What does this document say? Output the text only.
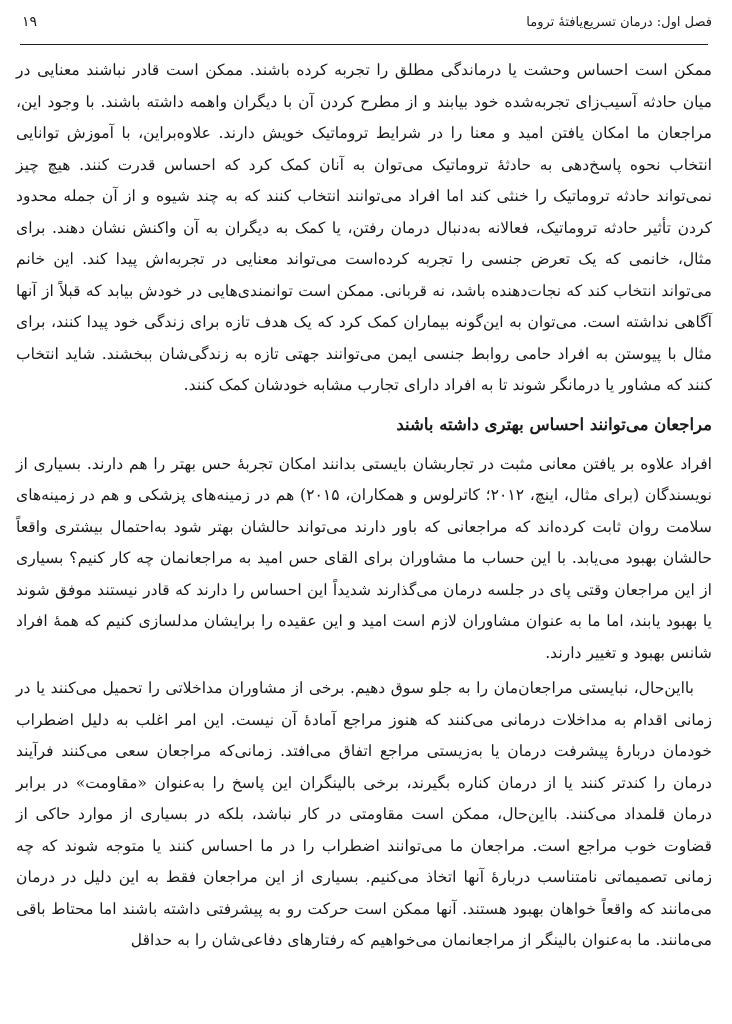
فصل اول: درمان تسریع‌یافتهٔ تروما
۱۹

ممکن است احساس وحشت یا درماندگی مطلق را تجربه کرده باشند. ممکن است قادر نباشند معنایی در میان حادثه آسیب‌زای تجربه‌شده خود بیابند و از مطرح کردن آن با دیگران واهمه داشته باشند. با وجود این، مراجعان ما امکان یافتن امید و معنا را در شرایط تروماتیک خویش دارند. علاوه‌براین، با آموزش توانایی انتخاب نحوه پاسخ‌دهی به حادثهٔ تروماتیک می‌توان به آنان کمک کرد که احساس قدرت کنند. هیچ چیز نمی‌تواند حادثه تروماتیک را خنثی کند اما افراد می‌توانند انتخاب کنند که به چند شیوه و از آن جمله محدود کردن تأثیر حادثه تروماتیک، فعالانه به‌دنبال درمان رفتن، یا کمک به دیگران به آن واکنش نشان دهند. برای مثال، خانمی که یک تعرض جنسی را تجربه کرده‌است می‌تواند معنایی در تجربه‌اش پیدا کند. این خانم می‌تواند انتخاب کند که نجات‌دهنده باشد، نه قربانی. ممکن است توانمندی‌هایی در خودش بیابد که قبلاً از آنها آگاهی نداشته است. می‌توان به این‌گونه بیماران کمک کرد که یک هدف تازه برای زندگی خود پیدا کنند، برای مثال با پیوستن به افراد حامی روابط جنسی ایمن می‌توانند جهتی تازه به زندگی‌شان ببخشند. شاید انتخاب کنند که مشاور یا درمانگر شوند تا به افراد دارای تجارب مشابه خودشان کمک کنند.

مراجعان می‌توانند احساس بهتری داشته باشند

افراد علاوه بر یافتن معانی مثبت در تجاربشان بایستی بدانند امکان تجربهٔ حس بهتر را هم دارند. بسیاری از نویسندگان (برای مثال، اینچ، ۲۰۱۲؛ کاترلوس و همکاران، ۲۰۱۵) هم در زمینه‌های پزشکی و هم در زمینه‌های سلامت روان ثابت کرده‌اند که مراجعانی که باور دارند می‌تواند حالشان بهتر شود به‌احتمال بیشتری واقعاً حالشان بهبود می‌یابد. با این حساب ما مشاوران برای القای حس امید به مراجعانمان چه کار کنیم؟ بسیاری از این مراجعان وقتی پای در جلسه درمان می‌گذارند شدیداً این احساس را دارند که قادر نیستند موفق شوند یا بهبود یابند، اما ما به عنوان مشاوران لازم است امید و این عقیده را برایشان مدلسازی کنیم که همهٔ افراد شانس بهبود و تغییر دارند.

بااین‌حال، نبایستی مراجعان‌مان را به جلو سوق دهیم. برخی از مشاوران مداخلاتی را تحمیل می‌کنند یا در زمانی اقدام به مداخلات درمانی می‌کنند که هنوز مراجع آمادهٔ آن نیست. این امر اغلب به دلیل اضطراب خودمان دربارهٔ پیشرفت درمان یا به‌زیستی مراجع اتفاق می‌افتد. زمانی‌که مراجعان سعی می‌کنند فرآیند درمان را کندتر کنند یا از درمان کناره بگیرند، برخی بالینگران این پاسخ را به‌عنوان «مقاومت» در برابر درمان قلمداد می‌کنند. بااین‌حال، ممکن است مقاومتی در کار نباشد، بلکه در بسیاری از موارد حاکی از قضاوت خوب مراجع است. مراجعان ما می‌توانند اضطراب را در ما احساس کنند یا متوجه شوند که چه زمانی تصمیماتی نامتناسب دربارهٔ آنها اتخاذ می‌کنیم. بسیاری از این مراجعان فقط به این دلیل در درمان می‌مانند که واقعاً خواهان بهبود هستند. آنها ممکن است حرکت رو به پیشرفتی داشته باشند اما محتاط باقی می‌مانند. ما به‌عنوان بالینگر از مراجعانمان می‌خواهیم که رفتارهای دفاعی‌شان را به حداقل
